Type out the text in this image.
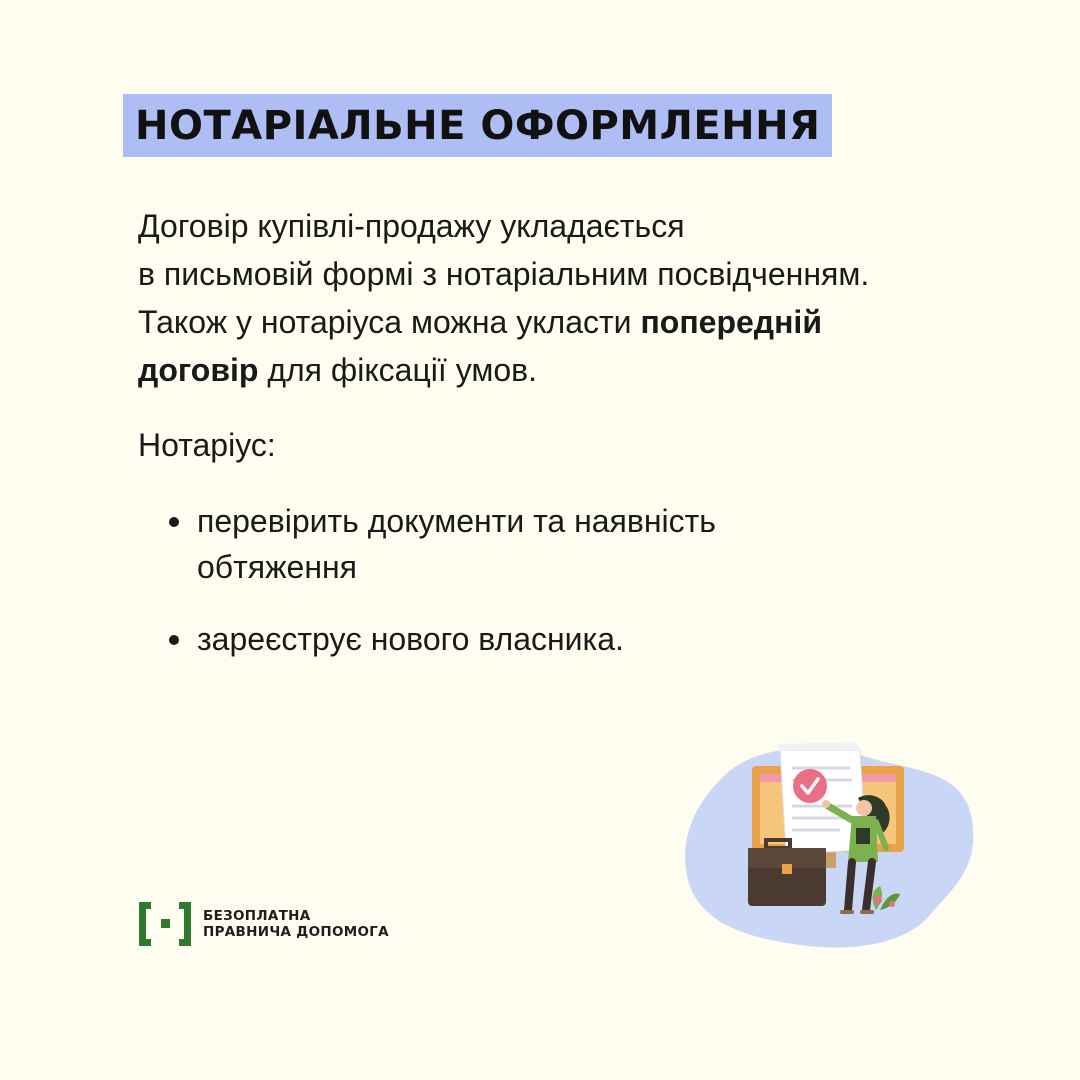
НОТАРІАЛЬНЕ ОФОРМЛЕННЯ
Договір купівлі-продажу укладається
в письмовій формі з нотаріальним посвідченням.
Також у нотаріуса можна укласти попередній
договір для фіксації умов.
Нотаріус:
перевірить документи та наявність
обтяження
зареєструє нового власника.
БЕЗОПЛАТНА
ПРАВНИЧА ДОПОМОГА
